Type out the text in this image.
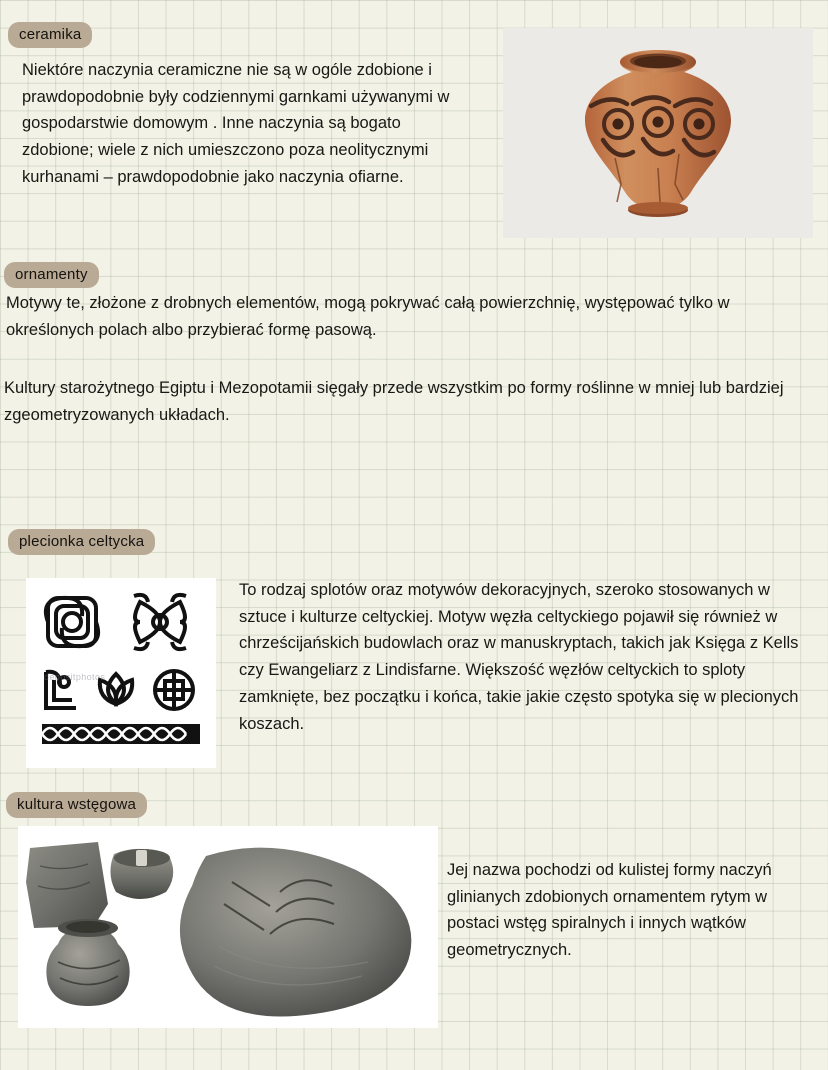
ceramika
Niektóre naczynia ceramiczne nie są w ogóle zdobione i prawdopodobnie były codziennymi garnkami używanymi w gospodarstwie domowym . Inne naczynia są bogato zdobione; wiele z nich umieszczono poza neolitycznymi kurhanami – prawdopodobnie jako naczynia ofiarne.
ornamenty
Motywy te, złożone z drobnych elementów, mogą pokrywać całą powierzchnię, występować tylko w określonych polach albo przybierać formę pasową.
Kultury starożytnego Egiptu i Mezopotamii sięgały przede wszystkim po formy roślinne w mniej lub bardziej zgeometryzowanych układach.
plecionka celtycka
depositphotos
To rodzaj splotów oraz motywów dekoracyjnych, szeroko stosowanych w sztuce i kulturze celtyckiej. Motyw węzła celtyckiego pojawił się również w chrześcijańskich budowlach oraz w manuskryptach, takich jak Księga z Kells czy Ewangeliarz z Lindisfarne. Większość węzłów celtyckich to sploty zamknięte, bez początku i końca, takie jakie często spotyka się w plecionych koszach.
kultura wstęgowa
Jej nazwa pochodzi od kulistej formy naczyń glinianych zdobionych ornamentem rytym w postaci wstęg spiralnych i innych wątków geometrycznych.
